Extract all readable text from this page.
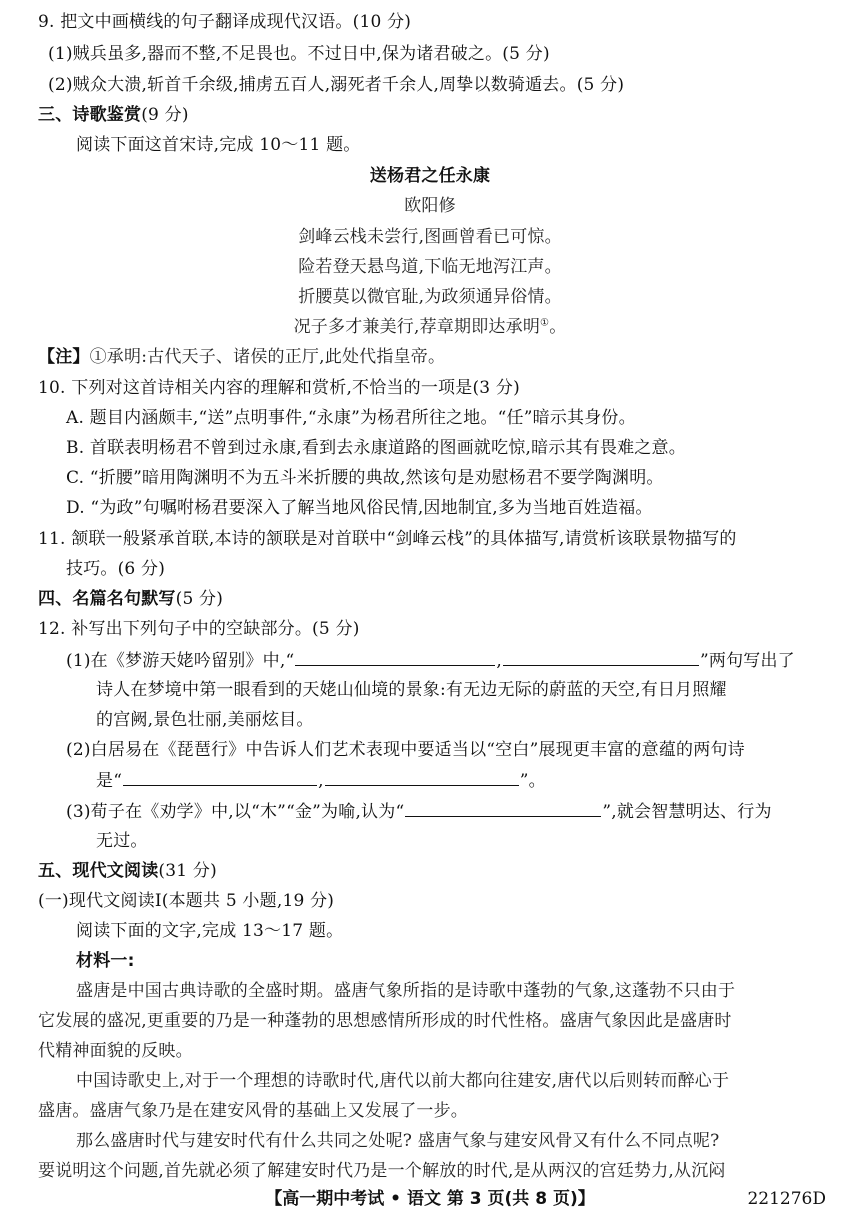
9. 把文中画横线的句子翻译成现代汉语。(10 分)
(1)贼兵虽多,器而不整,不足畏也。不过日中,保为诸君破之。(5 分)
(2)贼众大溃,斩首千余级,捕虏五百人,溺死者千余人,周挚以数骑遁去。(5 分)
三、诗歌鉴赏(9 分)
阅读下面这首宋诗,完成 10～11 题。
送杨君之任永康
欧阳修
剑峰云栈未尝行,图画曾看已可惊。
险若登天悬鸟道,下临无地泻江声。
折腰莫以微官耻,为政须通异俗情。
况子多才兼美行,荐章期即达承明①。
【注】①承明:古代天子、诸侯的正厅,此处代指皇帝。
10. 下列对这首诗相关内容的理解和赏析,不恰当的一项是(3 分)
A. 题目内涵颇丰,“送”点明事件,“永康”为杨君所往之地。“任”暗示其身份。
B. 首联表明杨君不曾到过永康,看到去永康道路的图画就吃惊,暗示其有畏难之意。
C. “折腰”暗用陶渊明不为五斗米折腰的典故,然该句是劝慰杨君不要学陶渊明。
D. “为政”句嘱咐杨君要深入了解当地风俗民情,因地制宜,多为当地百姓造福。
11. 颔联一般紧承首联,本诗的颔联是对首联中“剑峰云栈”的具体描写,请赏析该联景物描写的
技巧。(6 分)
四、名篇名句默写(5 分)
12. 补写出下列句子中的空缺部分。(5 分)
(1)在《梦游天姥吟留别》中,“	,	”两句写出了
诗人在梦境中第一眼看到的天姥山仙境的景象:有无边无际的蔚蓝的天空,有日月照耀
的宫阙,景色壮丽,美丽炫目。
(2)白居易在《琵琶行》中告诉人们艺术表现中要适当以“空白”展现更丰富的意蕴的两句诗
是“	,	”。
(3)荀子在《劝学》中,以“木”“金”为喻,认为“	”,就会智慧明达、行为
无过。
五、现代文阅读(31 分)
(一)现代文阅读Ⅰ(本题共 5 小题,19 分)
阅读下面的文字,完成 13～17 题。
材料一:
盛唐是中国古典诗歌的全盛时期。盛唐气象所指的是诗歌中蓬勃的气象,这蓬勃不只由于
它发展的盛况,更重要的乃是一种蓬勃的思想感情所形成的时代性格。盛唐气象因此是盛唐时
代精神面貌的反映。
中国诗歌史上,对于一个理想的诗歌时代,唐代以前大都向往建安,唐代以后则转而醉心于
盛唐。盛唐气象乃是在建安风骨的基础上又发展了一步。
那么盛唐时代与建安时代有什么共同之处呢? 盛唐气象与建安风骨又有什么不同点呢?
要说明这个问题,首先就必须了解建安时代乃是一个解放的时代,是从两汉的宫廷势力,从沉闷
【高一期中考试 • 语文 第 3 页(共 8 页)】	221276D
